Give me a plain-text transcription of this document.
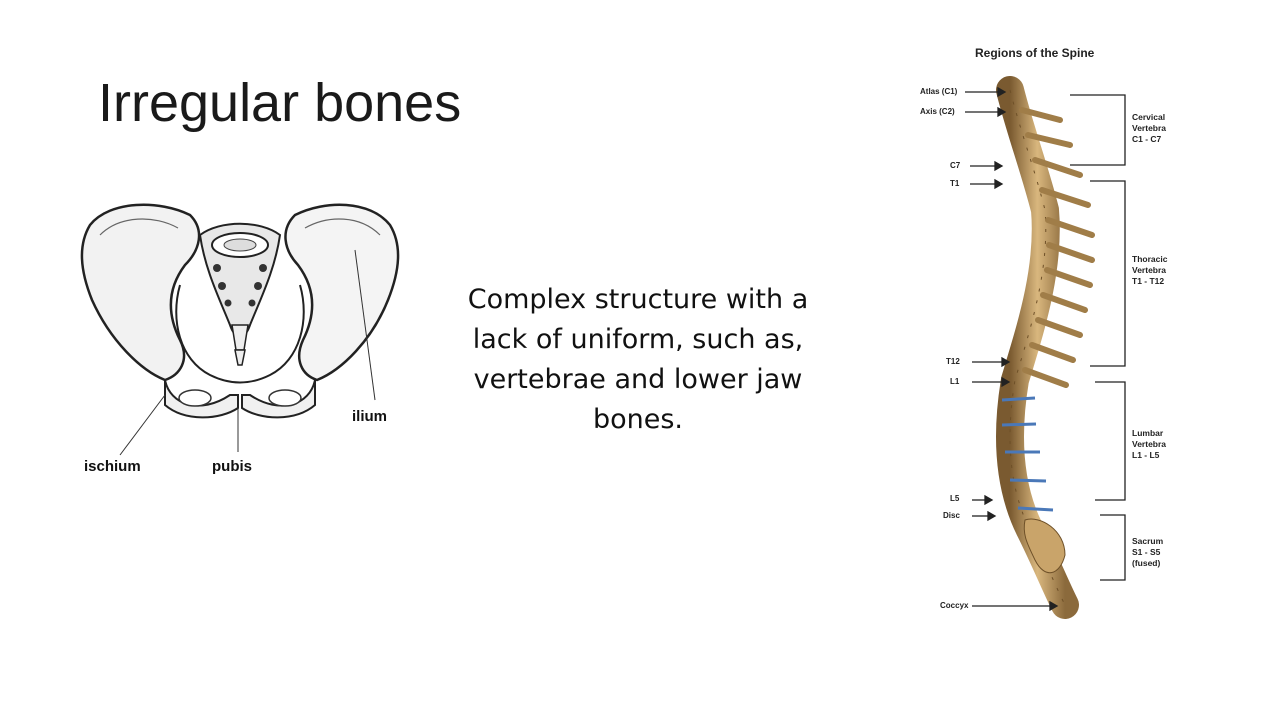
Irregular bones
Complex structure with a lack of uniform, such as, vertebrae and lower jaw bones.
ilium
ischium	pubis
Regions of the Spine
Atlas (C1)
Axis (C2)
C7
T1
T12
L1
L5
Disc
Coccyx
Cervical
Vertebra
C1 - C7
Thoracic
Vertebra
T1 - T12
Lumbar
Vertebra
L1 - L5
Sacrum
S1 - S5
(fused)
